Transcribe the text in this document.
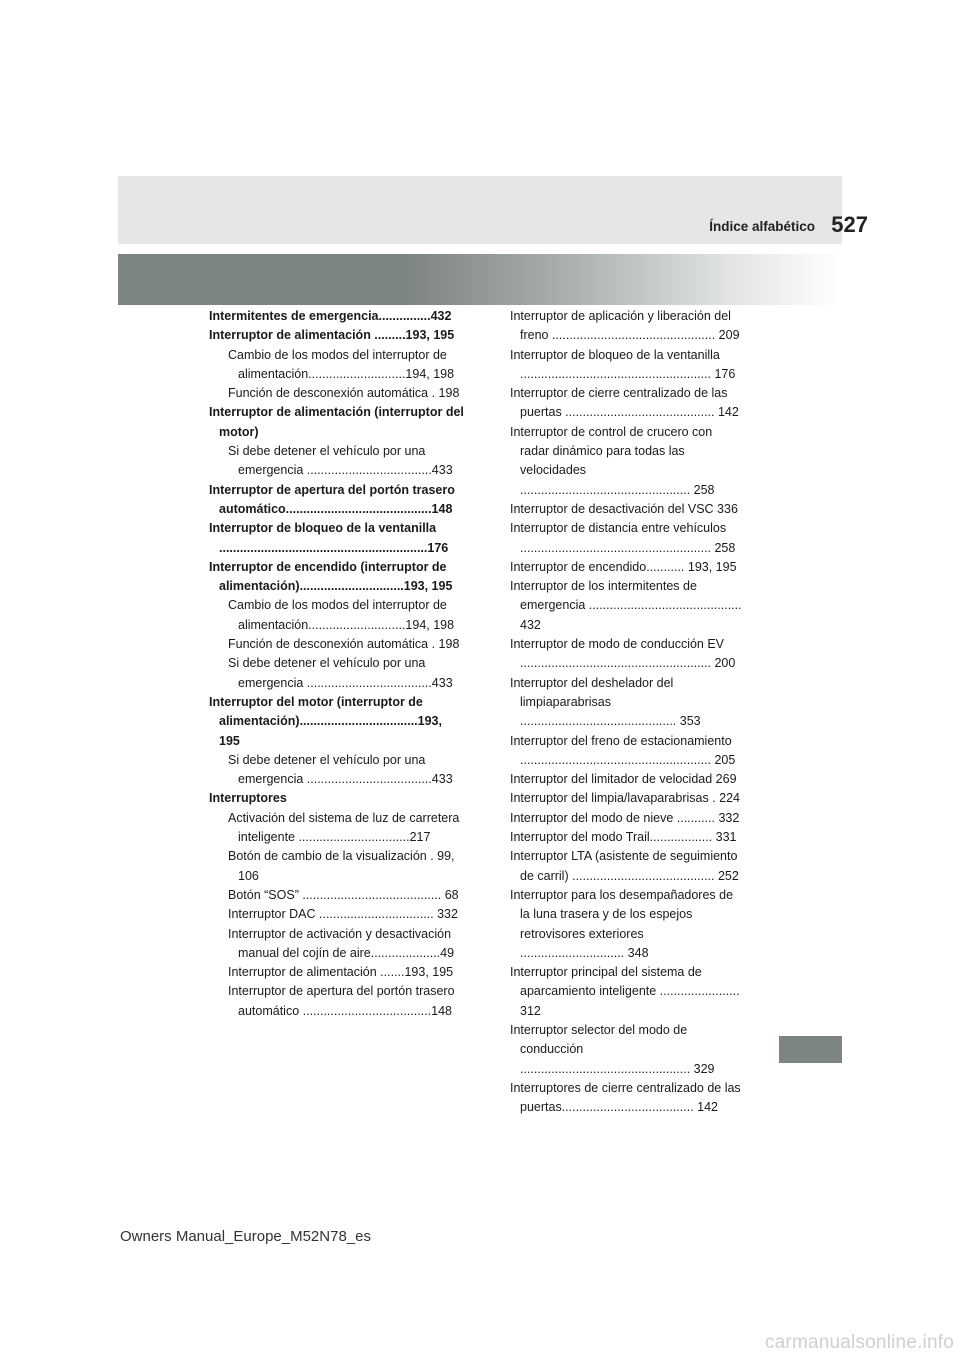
Índice alfabético 527
Intermitentes de emergencia...............432
Interruptor de alimentación .........193, 195
Cambio de los modos del interruptor de alimentación............................194, 198
Función de desconexión automática . 198
Interruptor de alimentación (interruptor del motor)
Si debe detener el vehículo por una emergencia ....................................433
Interruptor de apertura del portón trasero automático..........................................148
Interruptor de bloqueo de la ventanilla ............................................................176
Interruptor de encendido (interruptor de alimentación)..............................193, 195
Cambio de los modos del interruptor de alimentación............................194, 198
Función de desconexión automática . 198
Si debe detener el vehículo por una emergencia ....................................433
Interruptor del motor (interruptor de alimentación)..................................193, 195
Si debe detener el vehículo por una emergencia ....................................433
Interruptores
Activación del sistema de luz de carretera inteligente ................................217
Botón de cambio de la visualización . 99, 106
Botón “SOS” ........................................ 68
Interruptor DAC ................................. 332
Interruptor de activación y desactivación manual del cojín de aire....................49
Interruptor de alimentación .......193, 195
Interruptor de apertura del portón trasero automático .....................................148
Interruptor de aplicación y liberación del freno ............................................... 209
Interruptor de bloqueo de la ventanilla ....................................................... 176
Interruptor de cierre centralizado de las puertas ........................................... 142
Interruptor de control de crucero con radar dinámico para todas las velocidades ................................................. 258
Interruptor de desactivación del VSC 336
Interruptor de distancia entre vehículos ....................................................... 258
Interruptor de encendido........... 193, 195
Interruptor de los intermitentes de emergencia ............................................ 432
Interruptor de modo de conducción EV ....................................................... 200
Interruptor del deshelador del limpiaparabrisas ............................................. 353
Interruptor del freno de estacionamiento ....................................................... 205
Interruptor del limitador de velocidad 269
Interruptor del limpia/lavaparabrisas . 224
Interruptor del modo de nieve ........... 332
Interruptor del modo Trail.................. 331
Interruptor LTA (asistente de seguimiento de carril) ......................................... 252
Interruptor para los desempañadores de la luna trasera y de los espejos retrovisores exteriores .............................. 348
Interruptor principal del sistema de aparcamiento inteligente ....................... 312
Interruptor selector del modo de conducción ................................................. 329
Interruptores de cierre centralizado de las puertas...................................... 142
Owners Manual_Europe_M52N78_es
carmanualsonline.info
